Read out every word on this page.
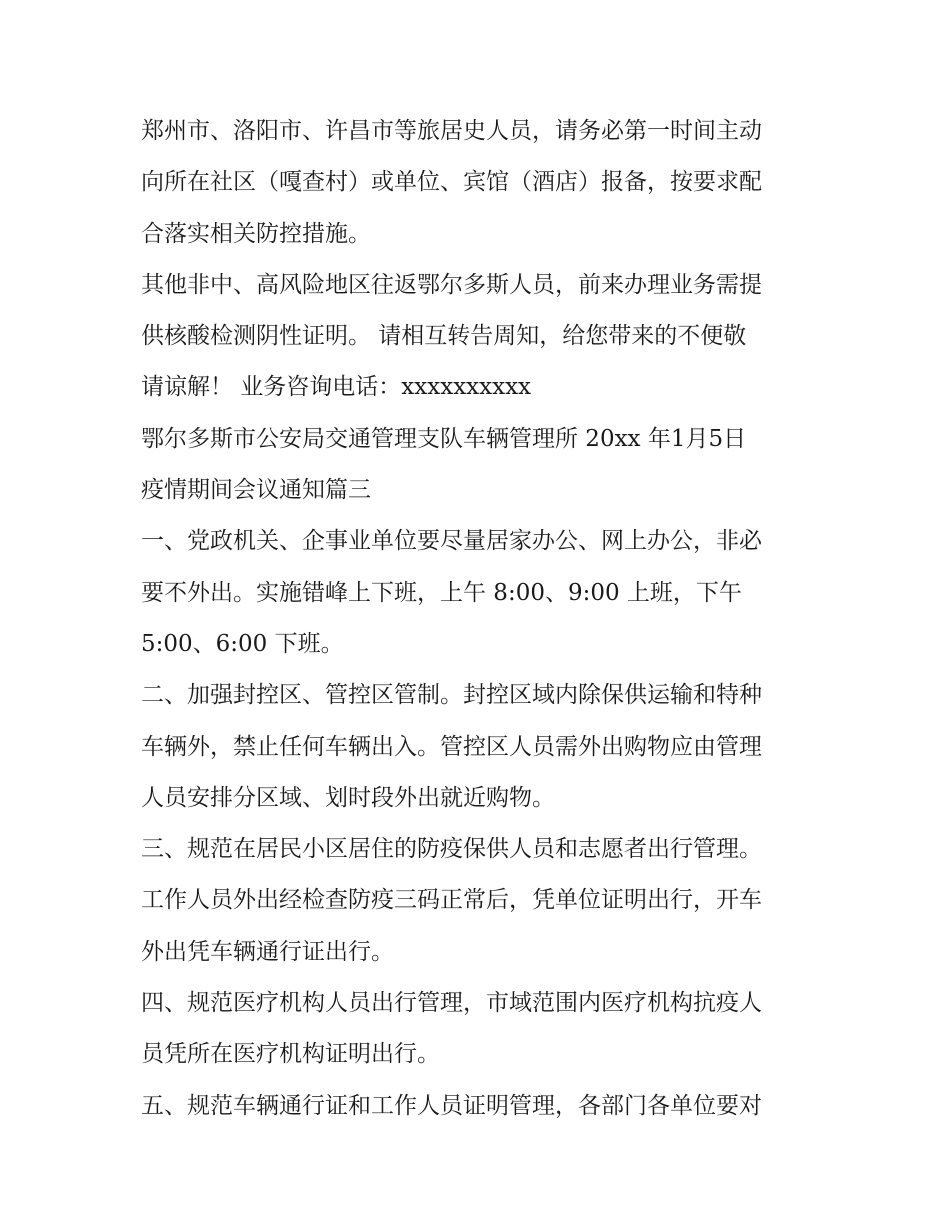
郑州市、洛阳市、许昌市等旅居史人员，请务必第一时间主动
向所在社区（嘎查村）或单位、宾馆（酒店）报备，按要求配
合落实相关防控措施。
其他非中、高风险地区往返鄂尔多斯人员，前来办理业务需提
供核酸检测阴性证明。 请相互转告周知，给您带来的不便敬
请谅解！ 业务咨询电话：xxxxxxxxxx
鄂尔多斯市公安局交通管理支队车辆管理所 20xx 年1月5日
疫情期间会议通知篇三
一、党政机关、企事业单位要尽量居家办公、网上办公，非必
要不外出。实施错峰上下班，上午 8:00、9:00 上班，下午
5:00、6:00 下班。
二、加强封控区、管控区管制。封控区域内除保供运输和特种
车辆外，禁止任何车辆出入。管控区人员需外出购物应由管理
人员安排分区域、划时段外出就近购物。
三、规范在居民小区居住的防疫保供人员和志愿者出行管理。
工作人员外出经检查防疫三码正常后，凭单位证明出行，开车
外出凭车辆通行证出行。
四、规范医疗机构人员出行管理，市域范围内医疗机构抗疫人
员凭所在医疗机构证明出行。
五、规范车辆通行证和工作人员证明管理，各部门各单位要对
